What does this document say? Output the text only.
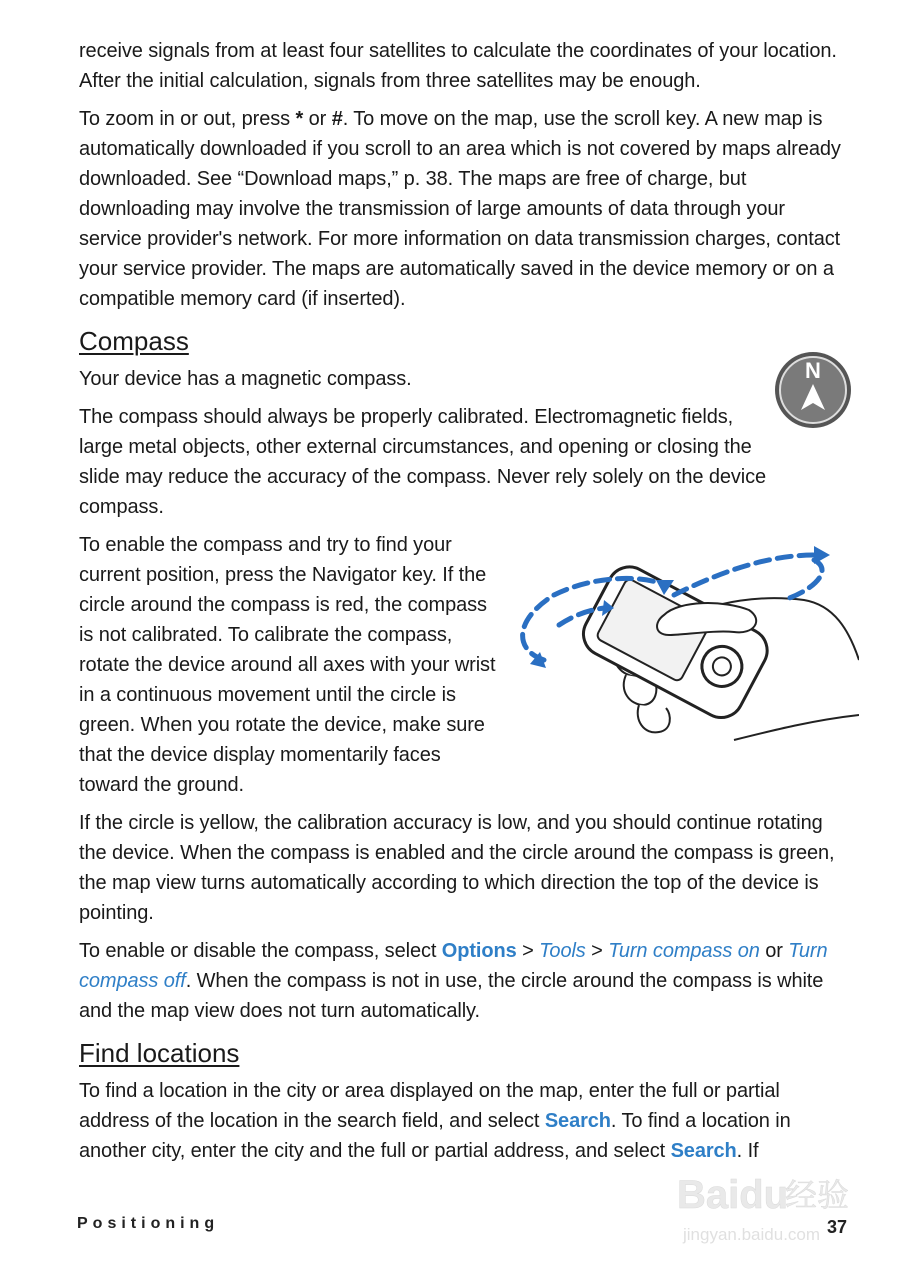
receive signals from at least four satellites to calculate the coordinates of your location. After the initial calculation, signals from three satellites may be enough.

To zoom in or out, press * or #. To move on the map, use the scroll key. A new map is automatically downloaded if you scroll to an area which is not covered by maps already downloaded. See “Download maps,” p. 38. The maps are free of charge, but downloading may involve the transmission of large amounts of data through your service provider's network. For more information on data transmission charges, contact your service provider. The maps are automatically saved in the device memory or on a compatible memory card (if inserted).

Compass
N

Your device has a magnetic compass.

The compass should always be properly calibrated. Electromagnetic fields, large metal objects, other external circumstances, and opening or closing the slide may reduce the accuracy of the compass. Never rely solely on the device compass.

To enable the compass and try to find your current position, press the Navigator key. If the circle around the compass is red, the compass is not calibrated. To calibrate the compass, rotate the device around all axes with your wrist in a continuous movement until the circle is green. When you rotate the device, make sure that the device display momentarily faces toward the ground.

If the circle is yellow, the calibration accuracy is low, and you should continue rotating the device. When the compass is enabled and the circle around the compass is green, the map view turns automatically according to which direction the top of the device is pointing.

To enable or disable the compass, select Options > Tools > Turn compass on or Turn compass off. When the compass is not in use, the circle around the compass is white and the map view does not turn automatically.

Find locations

To find a location in the city or area displayed on the map, enter the full or partial address of the location in the search field, and select Search. To find a location in another city, enter the city and the full or partial address, and select Search. If

Positioning	37
Baidu
经验
jingyan.baidu.com
